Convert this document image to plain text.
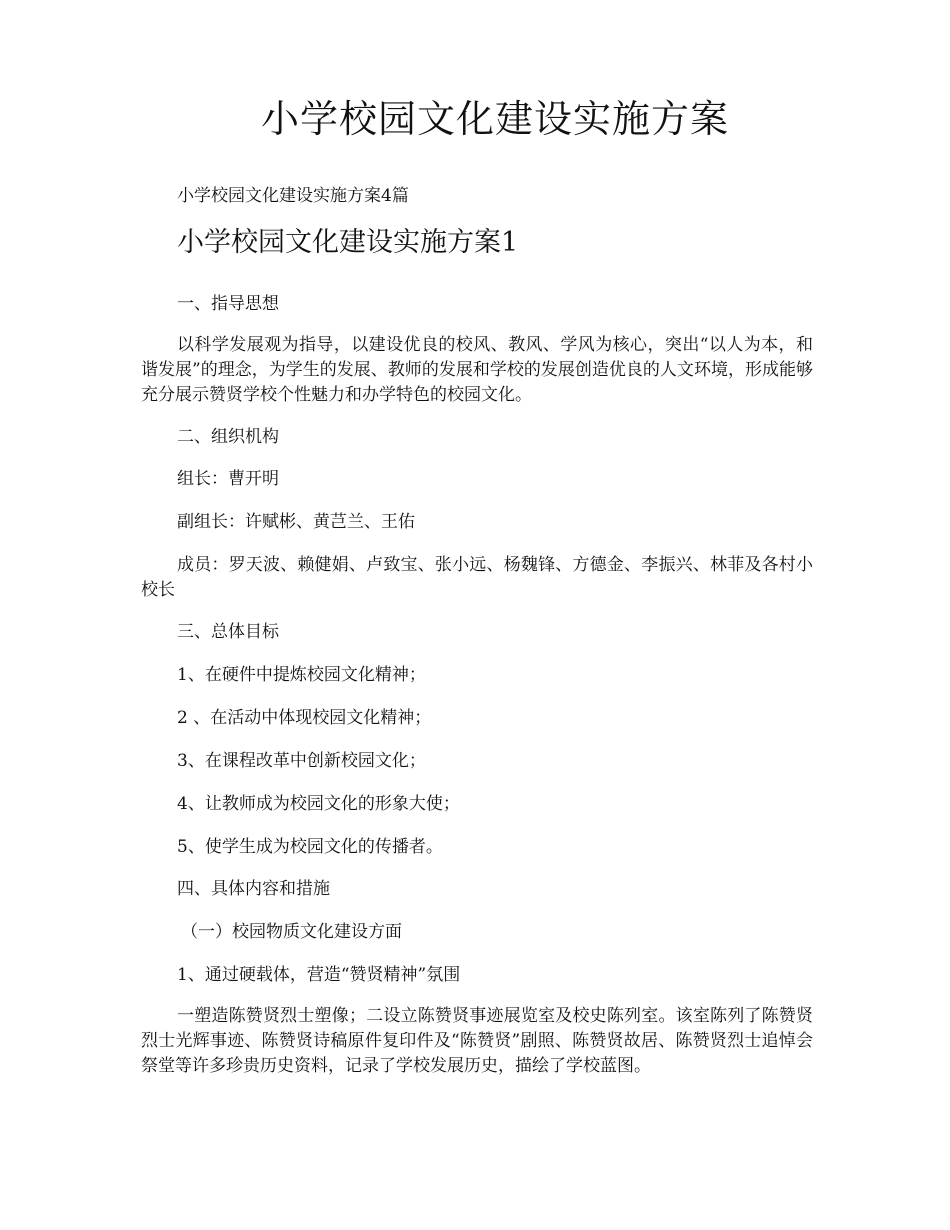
小学校园文化建设实施方案

小学校园文化建设实施方案4篇

小学校园文化建设实施方案1

一、指导思想

以科学发展观为指导，以建设优良的校风、教风、学风为核心，突出“以人为本，和谐发展”的理念，为学生的发展、教师的发展和学校的发展创造优良的人文环境，形成能够充分展示赞贤学校个性魅力和办学特色的校园文化。

二、组织机构

组长：曹开明

副组长：许赋彬、黄芑兰、王佑

成员：罗天波、赖健娟、卢致宝、张小远、杨魏锋、方德金、李振兴、林菲及各村小校长

三、总体目标

1、在硬件中提炼校园文化精神；

2 、在活动中体现校园文化精神；

3、在课程改革中创新校园文化；

4、让教师成为校园文化的形象大使；

5、使学生成为校园文化的传播者。

四、具体内容和措施

（一）校园物质文化建设方面

1、通过硬载体，营造“赞贤精神”氛围

一塑造陈赞贤烈士塑像；二设立陈赞贤事迹展览室及校史陈列室。该室陈列了陈赞贤烈士光辉事迹、陈赞贤诗稿原件复印件及“陈赞贤”剧照、陈赞贤故居、陈赞贤烈士追悼会祭堂等许多珍贵历史资料，记录了学校发展历史，描绘了学校蓝图。
